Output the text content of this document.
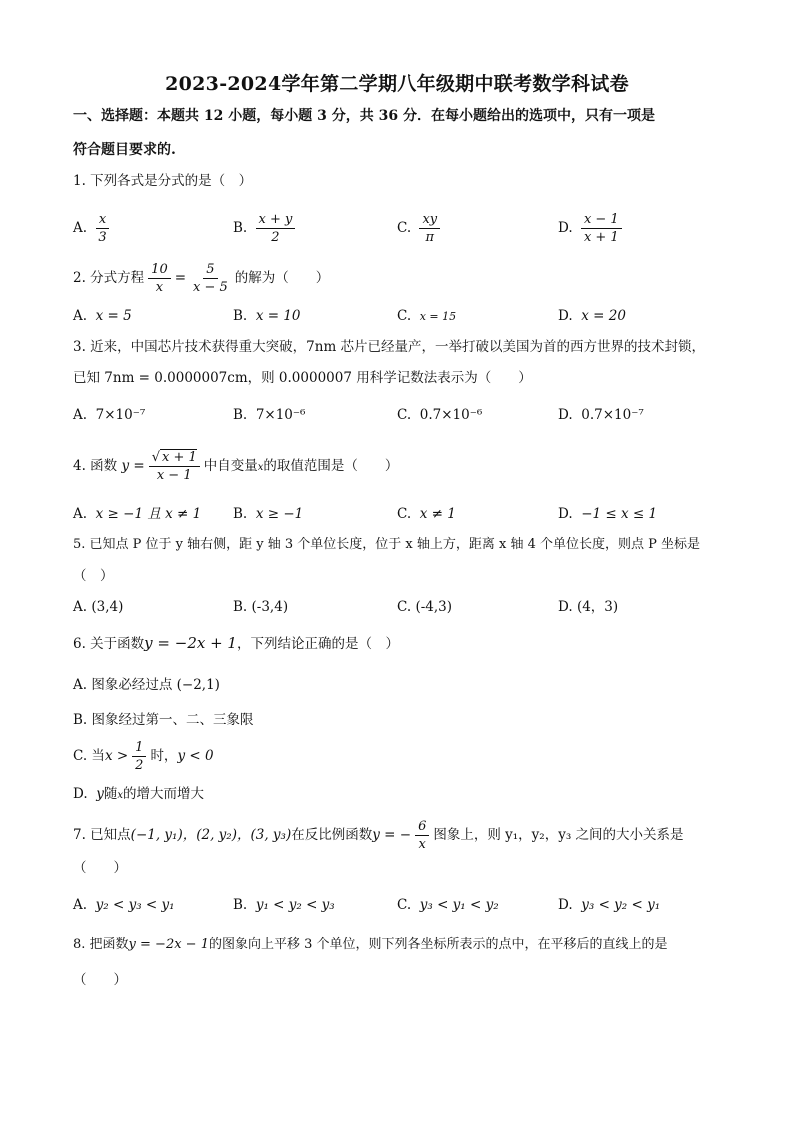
2023-2024学年第二学期八年级期中联考数学科试卷
一、选择题：本题共 12 小题，每小题 3 分，共 36 分．在每小题给出的选项中，只有一项是
符合题目要求的.
1. 下列各式是分式的是（　）
A. $\frac{x}{3}$	B. $\frac{x + y}{2}$	C. $\frac{xy}{\pi}$	D. $\frac{x - 1}{x + 1}$
2. 分式方程 $\frac{10}{x} = \frac{5}{x - 5}$ 的解为（　　）
A. x = 5	B. x = 10	C. x = 15	D. x = 20
3. 近来，中国芯片技术获得重大突破，7nm 芯片已经量产，一举打破以美国为首的西方世界的技术封锁，
已知 7nm = 0.0000007cm，则 0.0000007 用科学记数法表示为（　　）
A. 7×10⁻⁷	B. 7×10⁻⁶	C. 0.7×10⁻⁶	D. 0.7×10⁻⁷
4. 函数 $y = \frac{√ x + 1}{x - 1}$ 中自变量x的取值范围是（　　）
A. x ≥ −1 且 x ≠ 1 B. x ≥ −1	C. x ≠ 1	D. −1 ≤ x ≤ 1
5. 已知点 P 位于 y 轴右侧，距 y 轴 3 个单位长度，位于 x 轴上方，距离 x 轴 4 个单位长度，则点 P 坐标是
（　）
A. (3,4)	B. (-3,4)	C. (-4,3)	D. (4，3)
6. 关于函数y = −2x + 1，下列结论正确的是（　）
A. 图象必经过点 (−2,1)
B. 图象经过第一、二、三象限
C. 当$x > \frac{1}{2}$ 时，y < 0
D. y随x的增大而增大
7. 已知点(−1, y₁)，(2, y₂)，(3, y₃)在反比例函数y = − $\frac{6}{x}$ 图象上，则 y₁，y₂，y₃ 之间的大小关系是
（　　）
A. y₂ < y₃ < y₁	B. y₁ < y₂ < y₃	C. y₃ < y₁ < y₂	D. y₃ < y₂ < y₁
8. 把函数y = −2x − 1的图象向上平移 3 个单位，则下列各坐标所表示的点中，在平移后的直线上的是
（　　）
